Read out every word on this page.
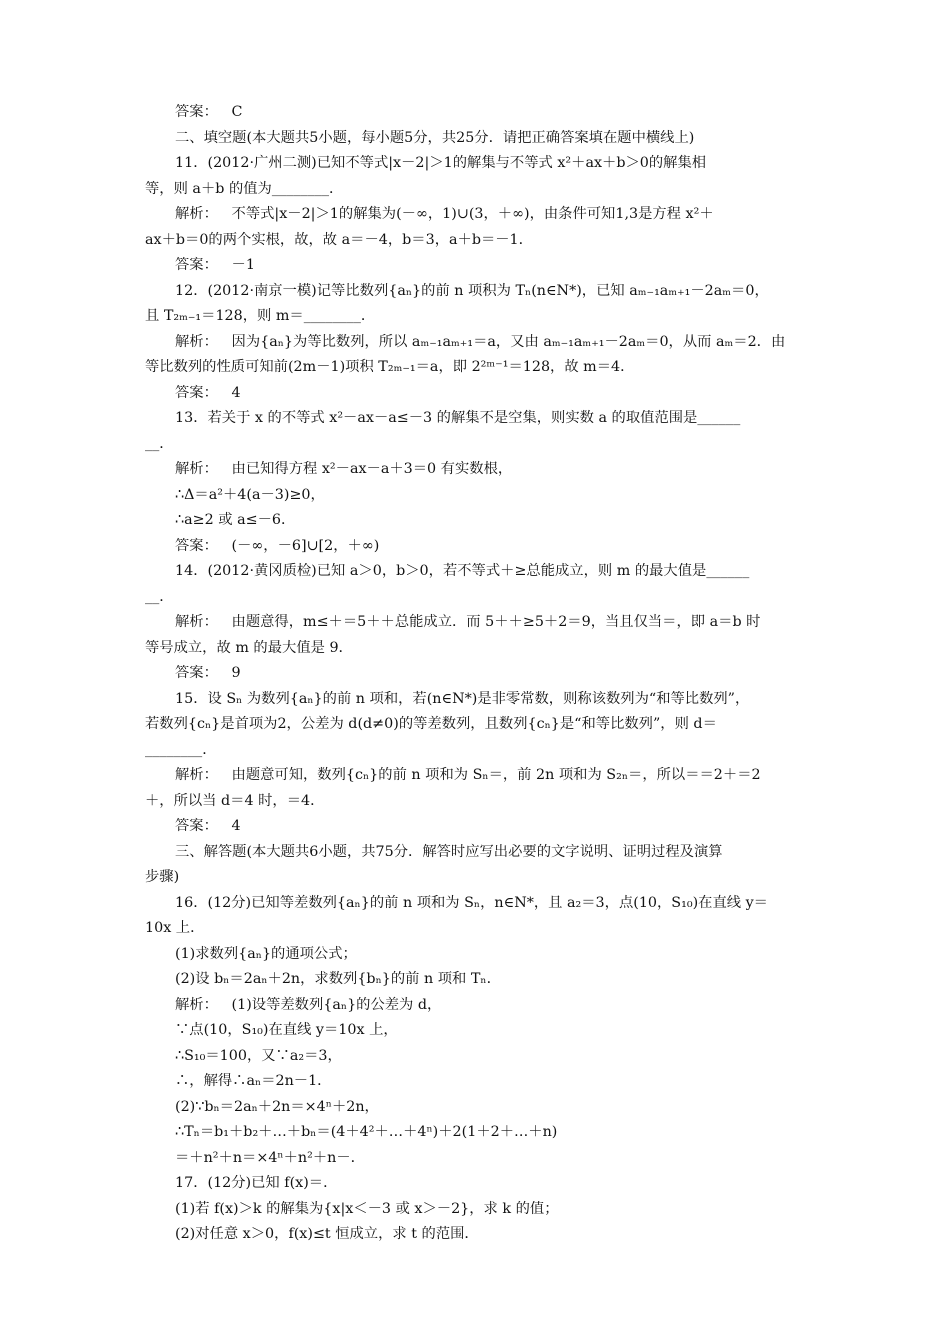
答案：   C
二、填空题(本大题共5小题，每小题5分，共25分．请把正确答案填在题中横线上)
11．(2012·广州二测)已知不等式|x－2|＞1的解集与不等式 x²＋ax＋b＞0的解集相
等，则 a＋b 的值为________．
解析：   不等式|x－2|＞1的解集为(－∞，1)∪(3，＋∞)，由条件可知1,3是方程 x²＋
ax＋b＝0的两个实根，故，故 a＝－4，b＝3，a＋b＝－1．
答案：   －1
12．(2012·南京一模)记等比数列{aₙ}的前 n 项积为 Tₙ(n∈N*)，已知 aₘ₋₁aₘ₊₁－2aₘ＝0，
且 T₂ₘ₋₁＝128，则 m＝________．
解析：   因为{aₙ}为等比数列，所以 aₘ₋₁aₘ₊₁＝a，又由 aₘ₋₁aₘ₊₁－2aₘ＝0，从而 aₘ＝2．由
等比数列的性质可知前(2m－1)项积 T₂ₘ₋₁＝a，即 2²ᵐ⁻¹＝128，故 m＝4．
答案：   4
13．若关于 x 的不等式 x²－ax－a≤－3 的解集不是空集，则实数 a 的取值范围是______
__．
解析：   由已知得方程 x²－ax－a＋3＝0 有实数根，
∴Δ＝a²＋4(a－3)≥0，
∴a≥2 或 a≤－6．
答案：   (－∞，－6]∪[2，＋∞)
14．(2012·黄冈质检)已知 a＞0，b＞0，若不等式＋≥总能成立，则 m 的最大值是______
__．
解析：   由题意得，m≤＋＝5＋＋总能成立．而 5＋＋≥5＋2＝9，当且仅当＝，即 a＝b 时
等号成立，故 m 的最大值是 9．
答案：   9
15．设 Sₙ 为数列{aₙ}的前 n 项和，若(n∈N*)是非零常数，则称该数列为“和等比数列”，
若数列{cₙ}是首项为2，公差为 d(d≠0)的等差数列，且数列{cₙ}是“和等比数列”，则 d＝
________．
解析：   由题意可知，数列{cₙ}的前 n 项和为 Sₙ＝，前 2n 项和为 S₂ₙ＝，所以＝＝2＋＝2
＋，所以当 d＝4 时，＝4．
答案：   4
三、解答题(本大题共6小题，共75分．解答时应写出必要的文字说明、证明过程及演算
步骤)
16．(12分)已知等差数列{aₙ}的前 n 项和为 Sₙ，n∈N*，且 a₂＝3，点(10，S₁₀)在直线 y＝
10x 上．
(1)求数列{aₙ}的通项公式；
(2)设 bₙ＝2aₙ＋2n，求数列{bₙ}的前 n 项和 Tₙ．
解析：   (1)设等差数列{aₙ}的公差为 d，
∵点(10，S₁₀)在直线 y＝10x 上，
∴S₁₀＝100，又∵a₂＝3，
∴，解得∴aₙ＝2n－1．
(2)∵bₙ＝2aₙ＋2n＝×4ⁿ＋2n，
∴Tₙ＝b₁＋b₂＋…＋bₙ＝(4＋4²＋…＋4ⁿ)＋2(1＋2＋…＋n)
＝＋n²＋n＝×4ⁿ＋n²＋n－．
17．(12分)已知 f(x)＝．
(1)若 f(x)＞k 的解集为{x|x＜－3 或 x＞－2}，求 k 的值；
(2)对任意 x＞0，f(x)≤t 恒成立，求 t 的范围．
